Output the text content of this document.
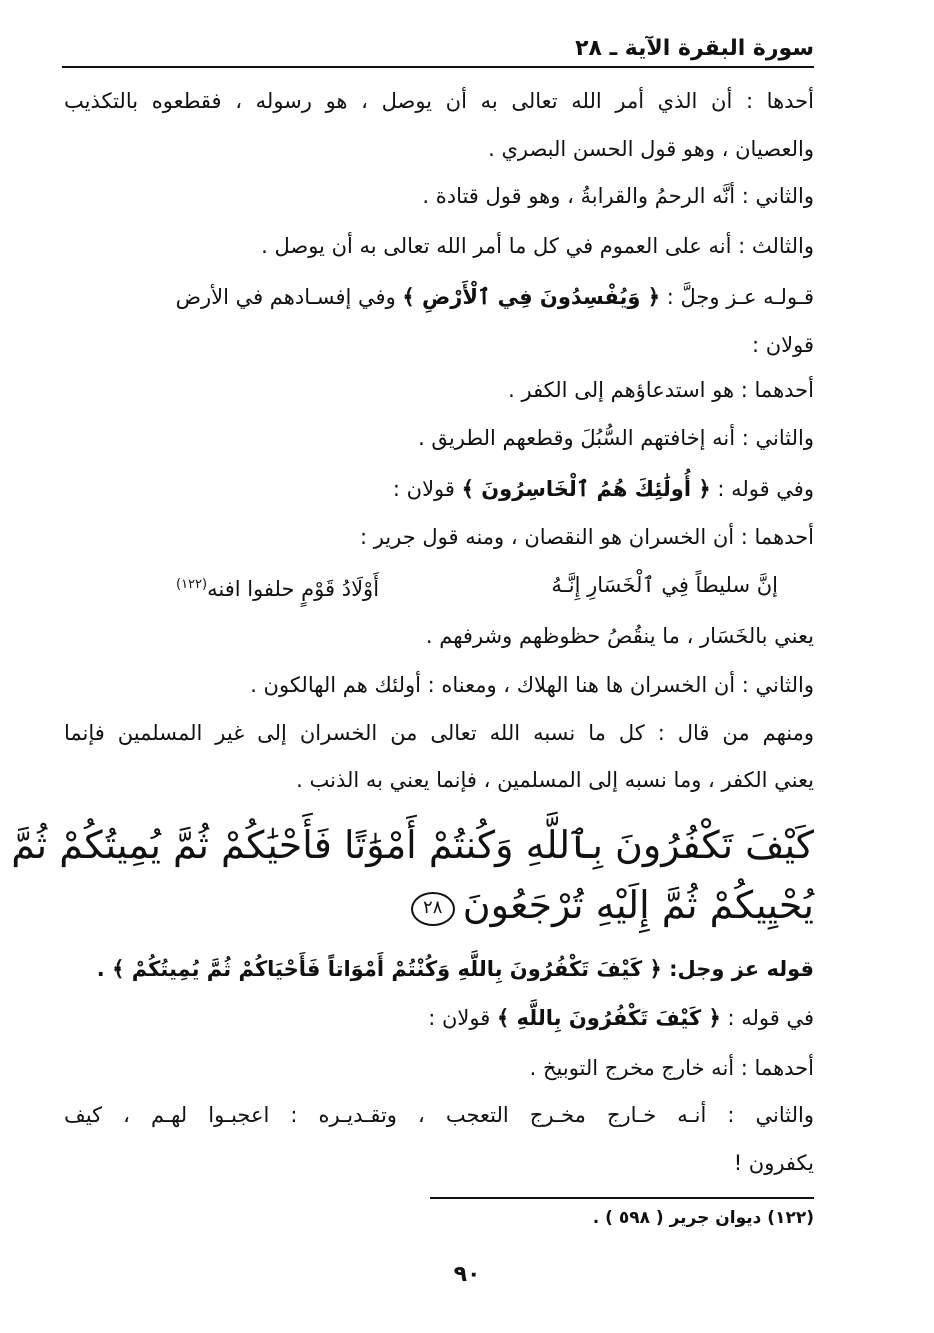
سورة البقرة الآية ـ ٢٨
أحدها : أن الذي أمر الله تعالى به أن يوصل ، هو رسوله ، فقطعوه بالتكذيب
والعصيان ، وهو قول الحسن البصري .
والثاني : أنَّه الرحمُ والقرابةُ ، وهو قول قتادة .
والثالث : أنه على العموم في كل ما أمر الله تعالى به أن يوصل .
قـولـه عـز وجلَّ : ﴿ وَيُفْسِدُونَ فِي ٱلْأَرْضِ ﴾ وفي إفسـادهم في الأرض
قولان :
أحدهما : هو استدعاؤهم إلى الكفر .
والثاني : أنه إخافتهم السُّبُلَ وقطعهم الطريق .
وفي قوله : ﴿ أُولَٰئِكَ هُمُ ٱلْخَاسِرُونَ ﴾ قولان :
أحدهما : أن الخسران هو النقصان ، ومنه قول جرير :
إنَّ سليطاً فِي ٱلْخَسَارِ إِنَّـهُ
أَوْلَادُ قَوْمٍ حلفوا افنه$^{(١٢٢)}$
يعني بالخَسَار ، ما ينقُصُ حظوظهم وشرفهم .
والثاني : أن الخسران ها هنا الهلاك ، ومعناه : أولئك هم الهالكون .
ومنهم من قال : كل ما نسبه الله تعالى من الخسران إلى غير المسلمين فإنما
يعني الكفر ، وما نسبه إلى المسلمين ، فإنما يعني به الذنب .
كَيْفَ تَكْفُرُونَ بِٱللَّهِ وَكُنتُمْ أَمْوَٰتًا فَأَحْيَٰكُمْ ثُمَّ يُمِيتُكُمْ ثُمَّ
يُحْيِيكُمْ ثُمَّ إِلَيْهِ تُرْجَعُونَ٢٨
قوله عز وجل: ﴿ كَيْفَ تَكْفُرُونَ بِاللَّهِ وَكُنْتُمْ أَمْوَاتاً فَأَحْيَاكُمْ ثُمَّ يُمِيتُكُمْ ﴾ .
في قوله : ﴿ كَيْفَ تَكْفُرُونَ بِاللَّهِ ﴾ قولان :
أحدهما : أنه خارج مخرج التوبيخ .
والثاني : أنـه خـارج مخـرج التعجب ، وتقـديـره : اعجبـوا لهـم ، كيف
يكفرون !
(١٢٢) ديوان جرير ( ٥٩٨ ) .
٩٠
